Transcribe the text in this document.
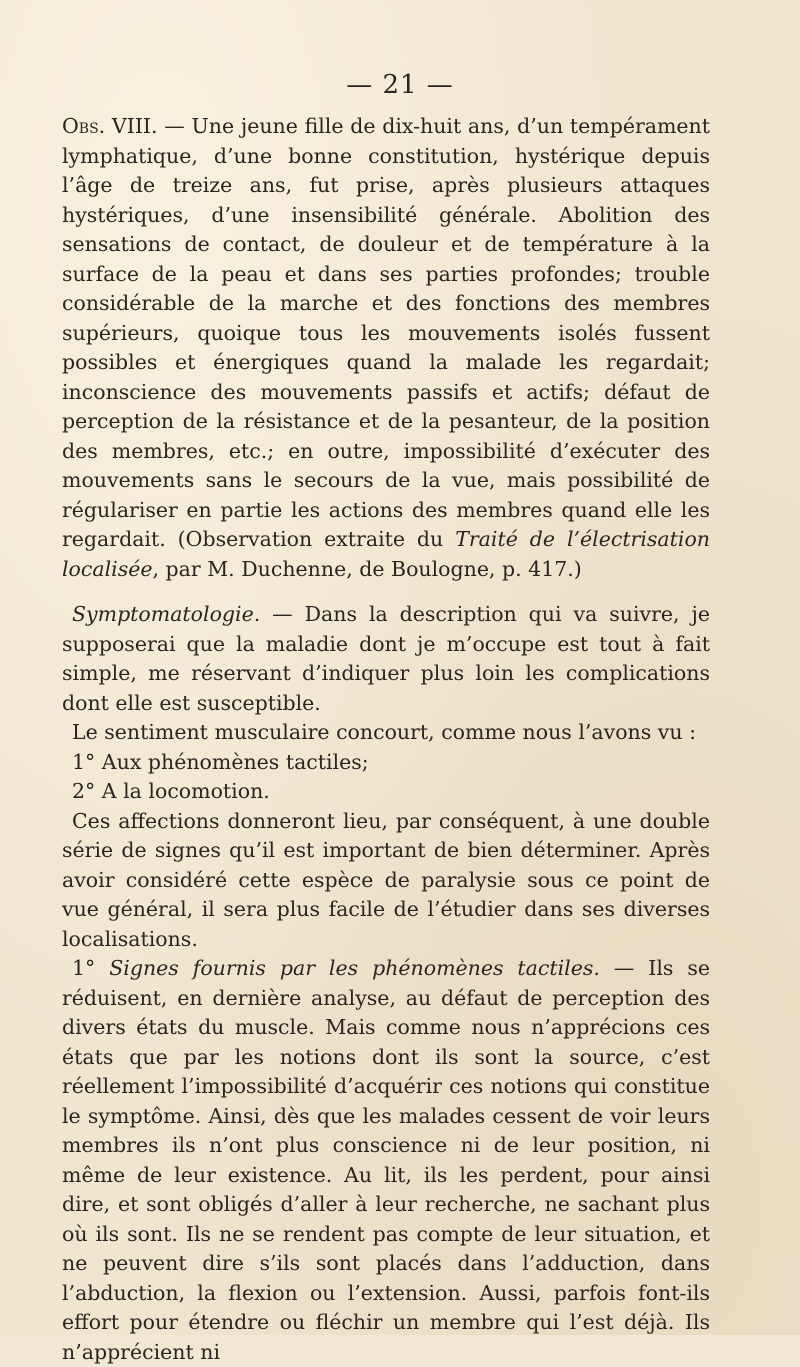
— 21 —

Obs. VIII. — Une jeune fille de dix-huit ans, d’un tempérament lymphatique, d’une bonne constitution, hystérique depuis l’âge de treize ans, fut prise, après plusieurs attaques hystériques, d’une insensibilité générale. Abolition des sensations de contact, de douleur et de température à la surface de la peau et dans ses parties profondes; trouble considérable de la marche et des fonctions des membres supérieurs, quoique tous les mouvements isolés fussent possibles et énergiques quand la malade les regardait; inconscience des mouvements passifs et actifs; défaut de perception de la résistance et de la pesanteur, de la position des membres, etc.; en outre, impossibilité d’exécuter des mouvements sans le secours de la vue, mais possibilité de régulariser en partie les actions des membres quand elle les regardait. (Observation extraite du Traité de l’électrisation localisée, par M. Duchenne, de Boulogne, p. 417.)

Symptomatologie. — Dans la description qui va suivre, je supposerai que la maladie dont je m’occupe est tout à fait simple, me réservant d’indiquer plus loin les complications dont elle est susceptible.

Le sentiment musculaire concourt, comme nous l’avons vu :

1° Aux phénomènes tactiles;

2° A la locomotion.

Ces affections donneront lieu, par conséquent, à une double série de signes qu’il est important de bien déterminer. Après avoir considéré cette espèce de paralysie sous ce point de vue général, il sera plus facile de l’étudier dans ses diverses localisations.

1° Signes fournis par les phénomènes tactiles. — Ils se réduisent, en dernière analyse, au défaut de perception des divers états du muscle. Mais comme nous n’apprécions ces états que par les notions dont ils sont la source, c’est réellement l’impossibilité d’acquérir ces notions qui constitue le symptôme. Ainsi, dès que les malades cessent de voir leurs membres ils n’ont plus conscience ni de leur position, ni même de leur existence. Au lit, ils les perdent, pour ainsi dire, et sont obligés d’aller à leur recherche, ne sachant plus où ils sont. Ils ne se rendent pas compte de leur situation, et ne peuvent dire s’ils sont placés dans l’adduction, dans l’abduction, la flexion ou l’extension. Aussi, parfois font-ils effort pour étendre ou fléchir un membre qui l’est déjà. Ils n’apprécient ni
